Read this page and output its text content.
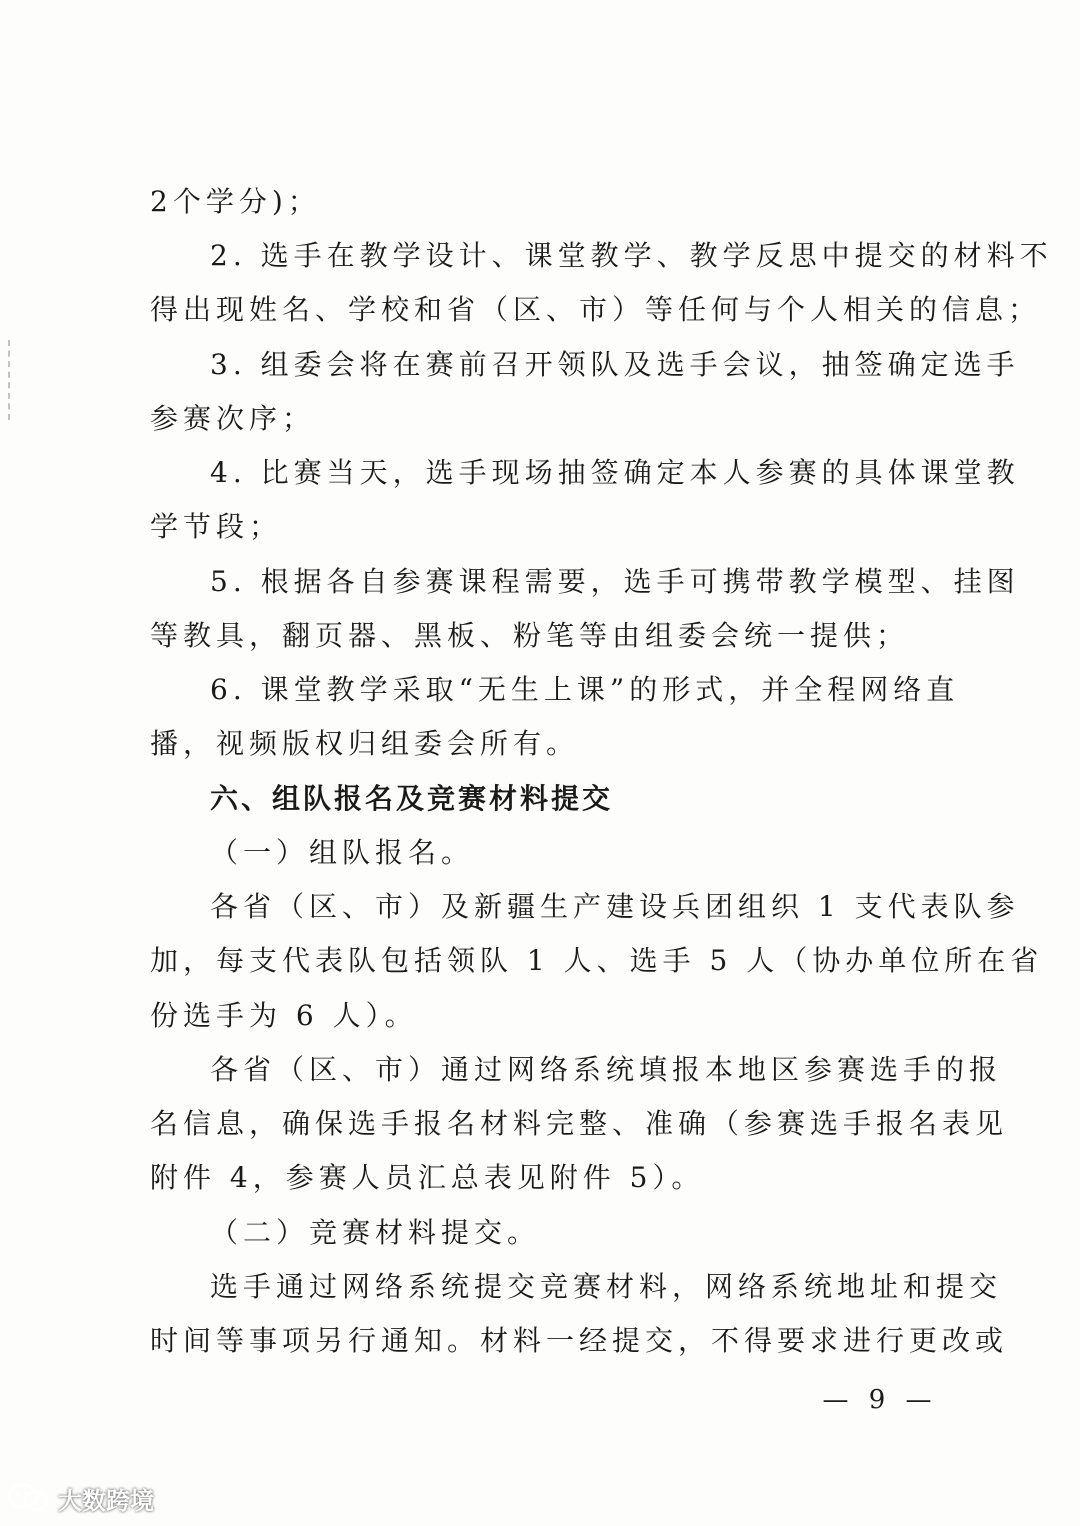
2个学分)；
2. 选手在教学设计、课堂教学、教学反思中提交的材料不
得出现姓名、学校和省（区、市）等任何与个人相关的信息；
3. 组委会将在赛前召开领队及选手会议，抽签确定选手
参赛次序；
4. 比赛当天，选手现场抽签确定本人参赛的具体课堂教
学节段；
5. 根据各自参赛课程需要，选手可携带教学模型、挂图
等教具，翻页器、黑板、粉笔等由组委会统一提供；
6. 课堂教学采取“无生上课”的形式，并全程网络直
播，视频版权归组委会所有。
六、组队报名及竞赛材料提交
（一）组队报名。
各省（区、市）及新疆生产建设兵团组织 1 支代表队参
加，每支代表队包括领队 1 人、选手 5 人（协办单位所在省
份选手为 6 人）。
各省（区、市）通过网络系统填报本地区参赛选手的报
名信息，确保选手报名材料完整、准确（参赛选手报名表见
附件 4，参赛人员汇总表见附件 5）。
（二）竞赛材料提交。
选手通过网络系统提交竞赛材料，网络系统地址和提交
时间等事项另行通知。材料一经提交，不得要求进行更改或
— 9 —
大数跨境
